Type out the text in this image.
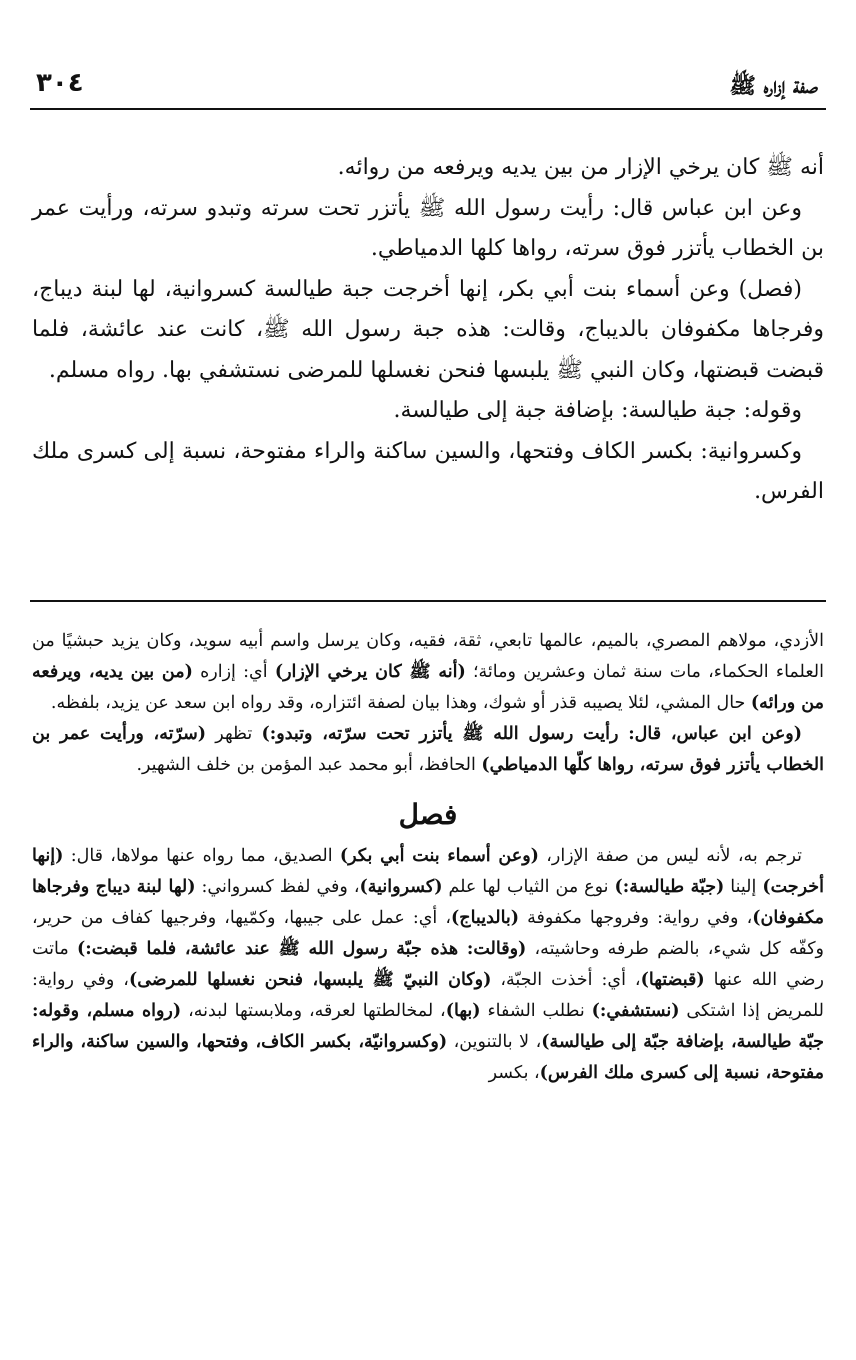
صفة إزاره ﷺ
٣٠٤

أنه ﷺ كان يرخي الإزار من بين يديه ويرفعه من روائه.

وعن ابن عباس قال: رأيت رسول الله ﷺ يأتزر تحت سرته وتبدو سرته، ورأيت عمر بن الخطاب يأتزر فوق سرته، رواها كلها الدمياطي.

(فصل) وعن أسماء بنت أبي بكر، إنها أخرجت جبة طيالسة كسروانية، لها لبنة ديباج، وفرجاها مكفوفان بالديباج، وقالت: هذه جبة رسول الله ﷺ، كانت عند عائشة، فلما قبضت قبضتها، وكان النبي ﷺ يلبسها فنحن نغسلها للمرضى نستشفي بها. رواه مسلم.

وقوله: جبة طيالسة: بإضافة جبة إلى طيالسة.

وكسروانية: بكسر الكاف وفتحها، والسين ساكنة والراء مفتوحة، نسبة إلى كسرى ملك الفرس.

الأزدي، مولاهم المصري، بالميم، عالمها تابعي، ثقة، فقيه، وكان يرسل واسم أبيه سويد، وكان يزيد حبشيًا من العلماء الحكماء، مات سنة ثمان وعشرين ومائة؛ (أنه ﷺ كان يرخي الإزار) أي: إزاره (من بين يديه، ويرفعه من ورائه) حال المشي، لئلا يصيبه قذر أو شوك، وهذا بيان لصفة ائتزاره، وقد رواه ابن سعد عن يزيد، بلفظه.

(وعن ابن عباس، قال: رأيت رسول الله ﷺ يأتزر تحت سرّته، وتبدو:) تظهر (سرّته، ورأيت عمر بن الخطاب يأتزر فوق سرته، رواها كلّها الدمياطي) الحافظ، أبو محمد عبد المؤمن بن خلف الشهير.

فصل

ترجم به، لأنه ليس من صفة الإزار، (وعن أسماء بنت أبي بكر) الصديق، مما رواه عنها مولاها، قال: (إنها أخرجت) إلينا (جبّة طيالسة:) نوع من الثياب لها علم (كسروانية)، وفي لفظ كسرواني: (لها لبنة ديباج وفرجاها مكفوفان)، وفي رواية: وفروجها مكفوفة (بالديباج)، أي: عمل على جيبها، وكمّيها، وفرجيها كفاف من حرير، وكفّه كل شيء، بالضم طرفه وحاشيته، (وقالت: هذه جبّة رسول الله ﷺ عند عائشة، فلما قبضت:) ماتت رضي الله عنها (قبضتها)، أي: أخذت الجبّة، (وكان النبيّ ﷺ يلبسها، فنحن نغسلها للمرضى)، وفي رواية: للمريض إذا اشتكى (نستشفي:) نطلب الشفاء (بها)، لمخالطتها لعرقه، وملابستها لبدنه، (رواه مسلم، وقوله: جبّة طيالسة، بإضافة جبّة إلى طيالسة)، لا بالتنوين، (وكسروانيّة، بكسر الكاف، وفتحها، والسين ساكنة، والراء مفتوحة، نسبة إلى كسرى ملك الفرس)، بكسر
